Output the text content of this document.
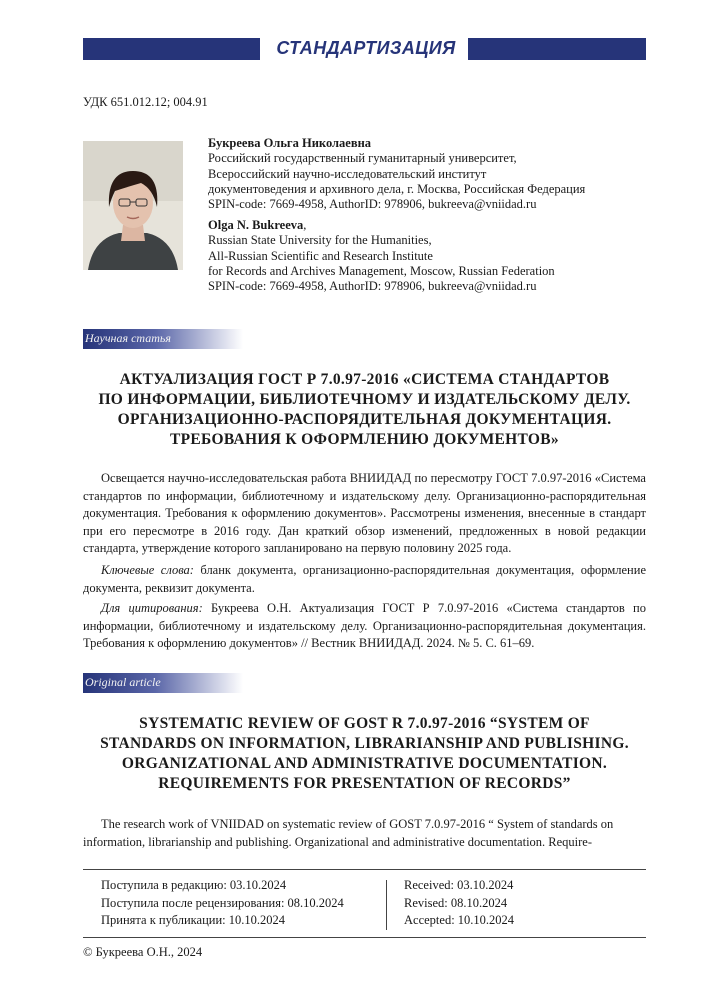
СТАНДАРТИЗАЦИЯ
УДК 651.012.12; 004.91
Букреева Ольга Николаевна
Российский государственный гуманитарный университет,
Всероссийский научно-исследовательский институт
документоведения и архивного дела, г. Москва, Российская Федерация
SPIN-code: 7669-4958, AuthorID: 978906, bukreeva@vniidad.ru
Olga N. Bukreeva,
Russian State University for the Humanities,
All-Russian Scientific and Research Institute
for Records and Archives Management, Moscow, Russian Federation
SPIN-code: 7669-4958, AuthorID: 978906, bukreeva@vniidad.ru
Научная статья
АКТУАЛИЗАЦИЯ ГОСТ Р 7.0.97-2016 «СИСТЕМА СТАНДАРТОВ
ПО ИНФОРМАЦИИ, БИБЛИОТЕЧНОМУ И ИЗДАТЕЛЬСКОМУ ДЕЛУ.
ОРГАНИЗАЦИОННО-РАСПОРЯДИТЕЛЬНАЯ ДОКУМЕНТАЦИЯ.
ТРЕБОВАНИЯ К ОФОРМЛЕНИЮ ДОКУМЕНТОВ»
Освещается научно-исследовательская работа ВНИИДАД по пересмотру ГОСТ 7.0.97-2016 «Система стандартов по информации, библиотечному и издательскому делу. Организационно-распорядительная документация. Требования к оформлению документов». Рассмотрены изменения, внесенные в стандарт при его пересмотре в 2016 году. Дан краткий обзор изменений, предложенных в новой редакции стандарта, утверждение которого запланировано на первую половину 2025 года.
Ключевые слова: бланк документа, организационно-распорядительная документация, оформление документа, реквизит документа.
Для цитирования: Букреева О.Н. Актуализация ГОСТ Р 7.0.97-2016 «Система стандартов по информации, библиотечному и издательскому делу. Организационно-распорядительная документация. Требования к оформлению документов» // Вестник ВНИИДАД. 2024. № 5. С. 61–69.
Original article
SYSTEMATIC REVIEW OF GOST R 7.0.97-2016 “SYSTEM OF
STANDARDS ON INFORMATION, LIBRARIANSHIP AND PUBLISHING.
ORGANIZATIONAL AND ADMINISTRATIVE DOCUMENTATION.
REQUIREMENTS FOR PRESENTATION OF RECORDS”
The research work of VNIIDAD on systematic review of GOST 7.0.97-2016 “ System of standards on
information, librarianship and publishing. Organizational and administrative documentation. Require-
Поступила в редакцию: 03.10.2024
Поступила после рецензирования: 08.10.2024
Принята к публикации: 10.10.2024
Received: 03.10.2024
Revised: 08.10.2024
Accepted: 10.10.2024
© Букреева О.Н., 2024
